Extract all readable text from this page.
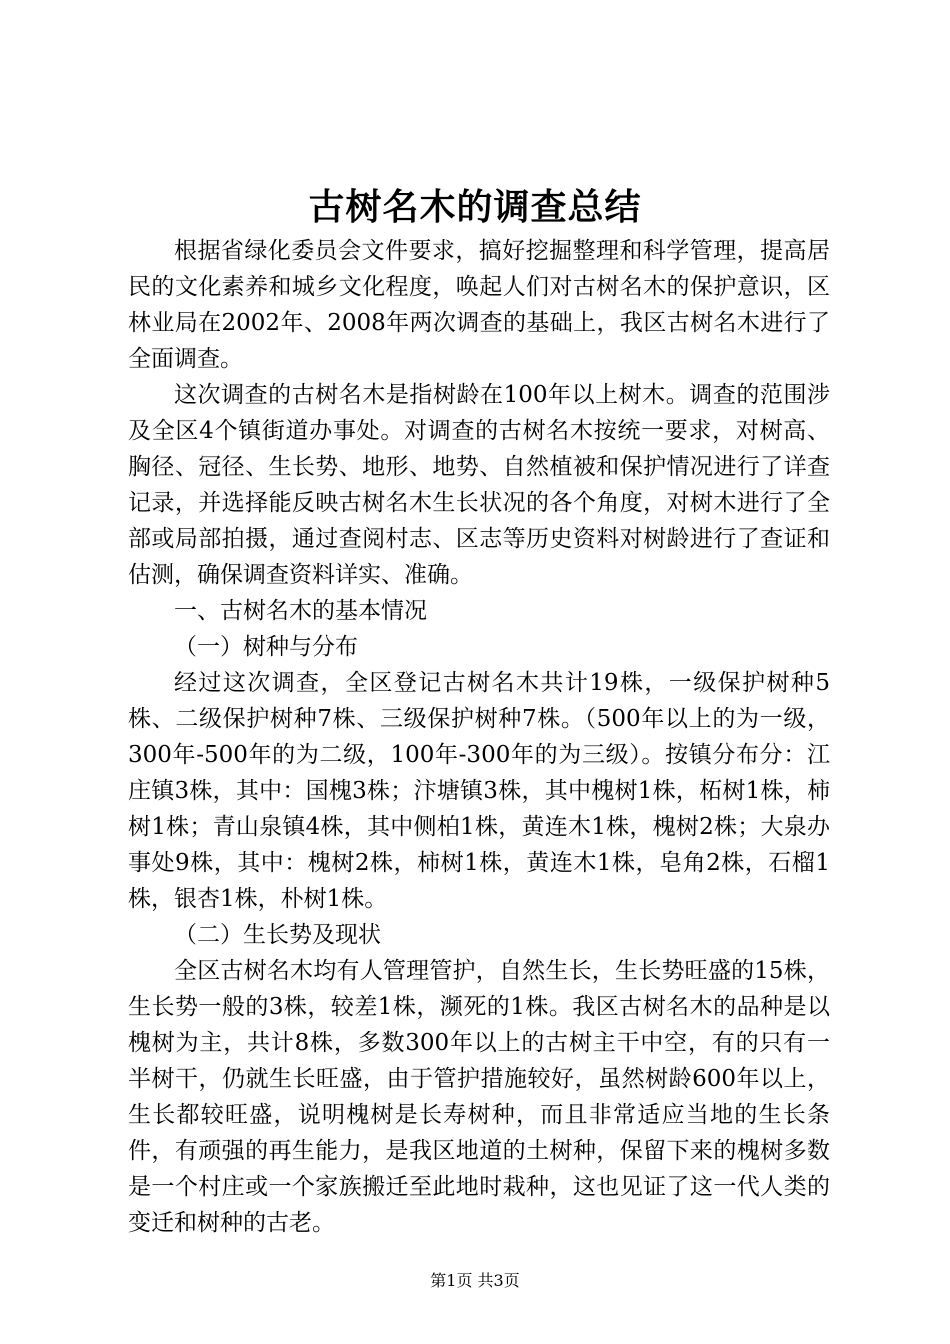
古树名木的调查总结

根据省绿化委员会文件要求，搞好挖掘整理和科学管理，提高居民的文化素养和城乡文化程度，唤起人们对古树名木的保护意识，区林业局在2002年、2008年两次调查的基础上，我区古树名木进行了全面调查。

这次调查的古树名木是指树龄在100年以上树木。调查的范围涉及全区4个镇街道办事处。对调查的古树名木按统一要求，对树高、胸径、冠径、生长势、地形、地势、自然植被和保护情况进行了详查记录，并选择能反映古树名木生长状况的各个角度，对树木进行了全部或局部拍摄，通过查阅村志、区志等历史资料对树龄进行了查证和估测，确保调查资料详实、准确。

一、古树名木的基本情况

（一）树种与分布

经过这次调查，全区登记古树名木共计19株，一级保护树种5株、二级保护树种7株、三级保护树种7株。（500年以上的为一级，300年-500年的为二级，100年-300年的为三级）。按镇分布分：江庄镇3株，其中：国槐3株；汴塘镇3株，其中槐树1株，柘树1株，柿树1株；青山泉镇4株，其中侧柏1株，黄连木1株，槐树2株；大泉办事处9株，其中：槐树2株，柿树1株，黄连木1株，皂角2株，石榴1株，银杏1株，朴树1株。

（二）生长势及现状

全区古树名木均有人管理管护，自然生长，生长势旺盛的15株，生长势一般的3株，较差1株，濒死的1株。我区古树名木的品种是以槐树为主，共计8株，多数300年以上的古树主干中空，有的只有一半树干，仍就生长旺盛，由于管护措施较好，虽然树龄600年以上，生长都较旺盛，说明槐树是长寿树种，而且非常适应当地的生长条件，有顽强的再生能力，是我区地道的土树种，保留下来的槐树多数是一个村庄或一个家族搬迁至此地时栽种，这也见证了这一代人类的变迁和树种的古老。

第1页 共3页
